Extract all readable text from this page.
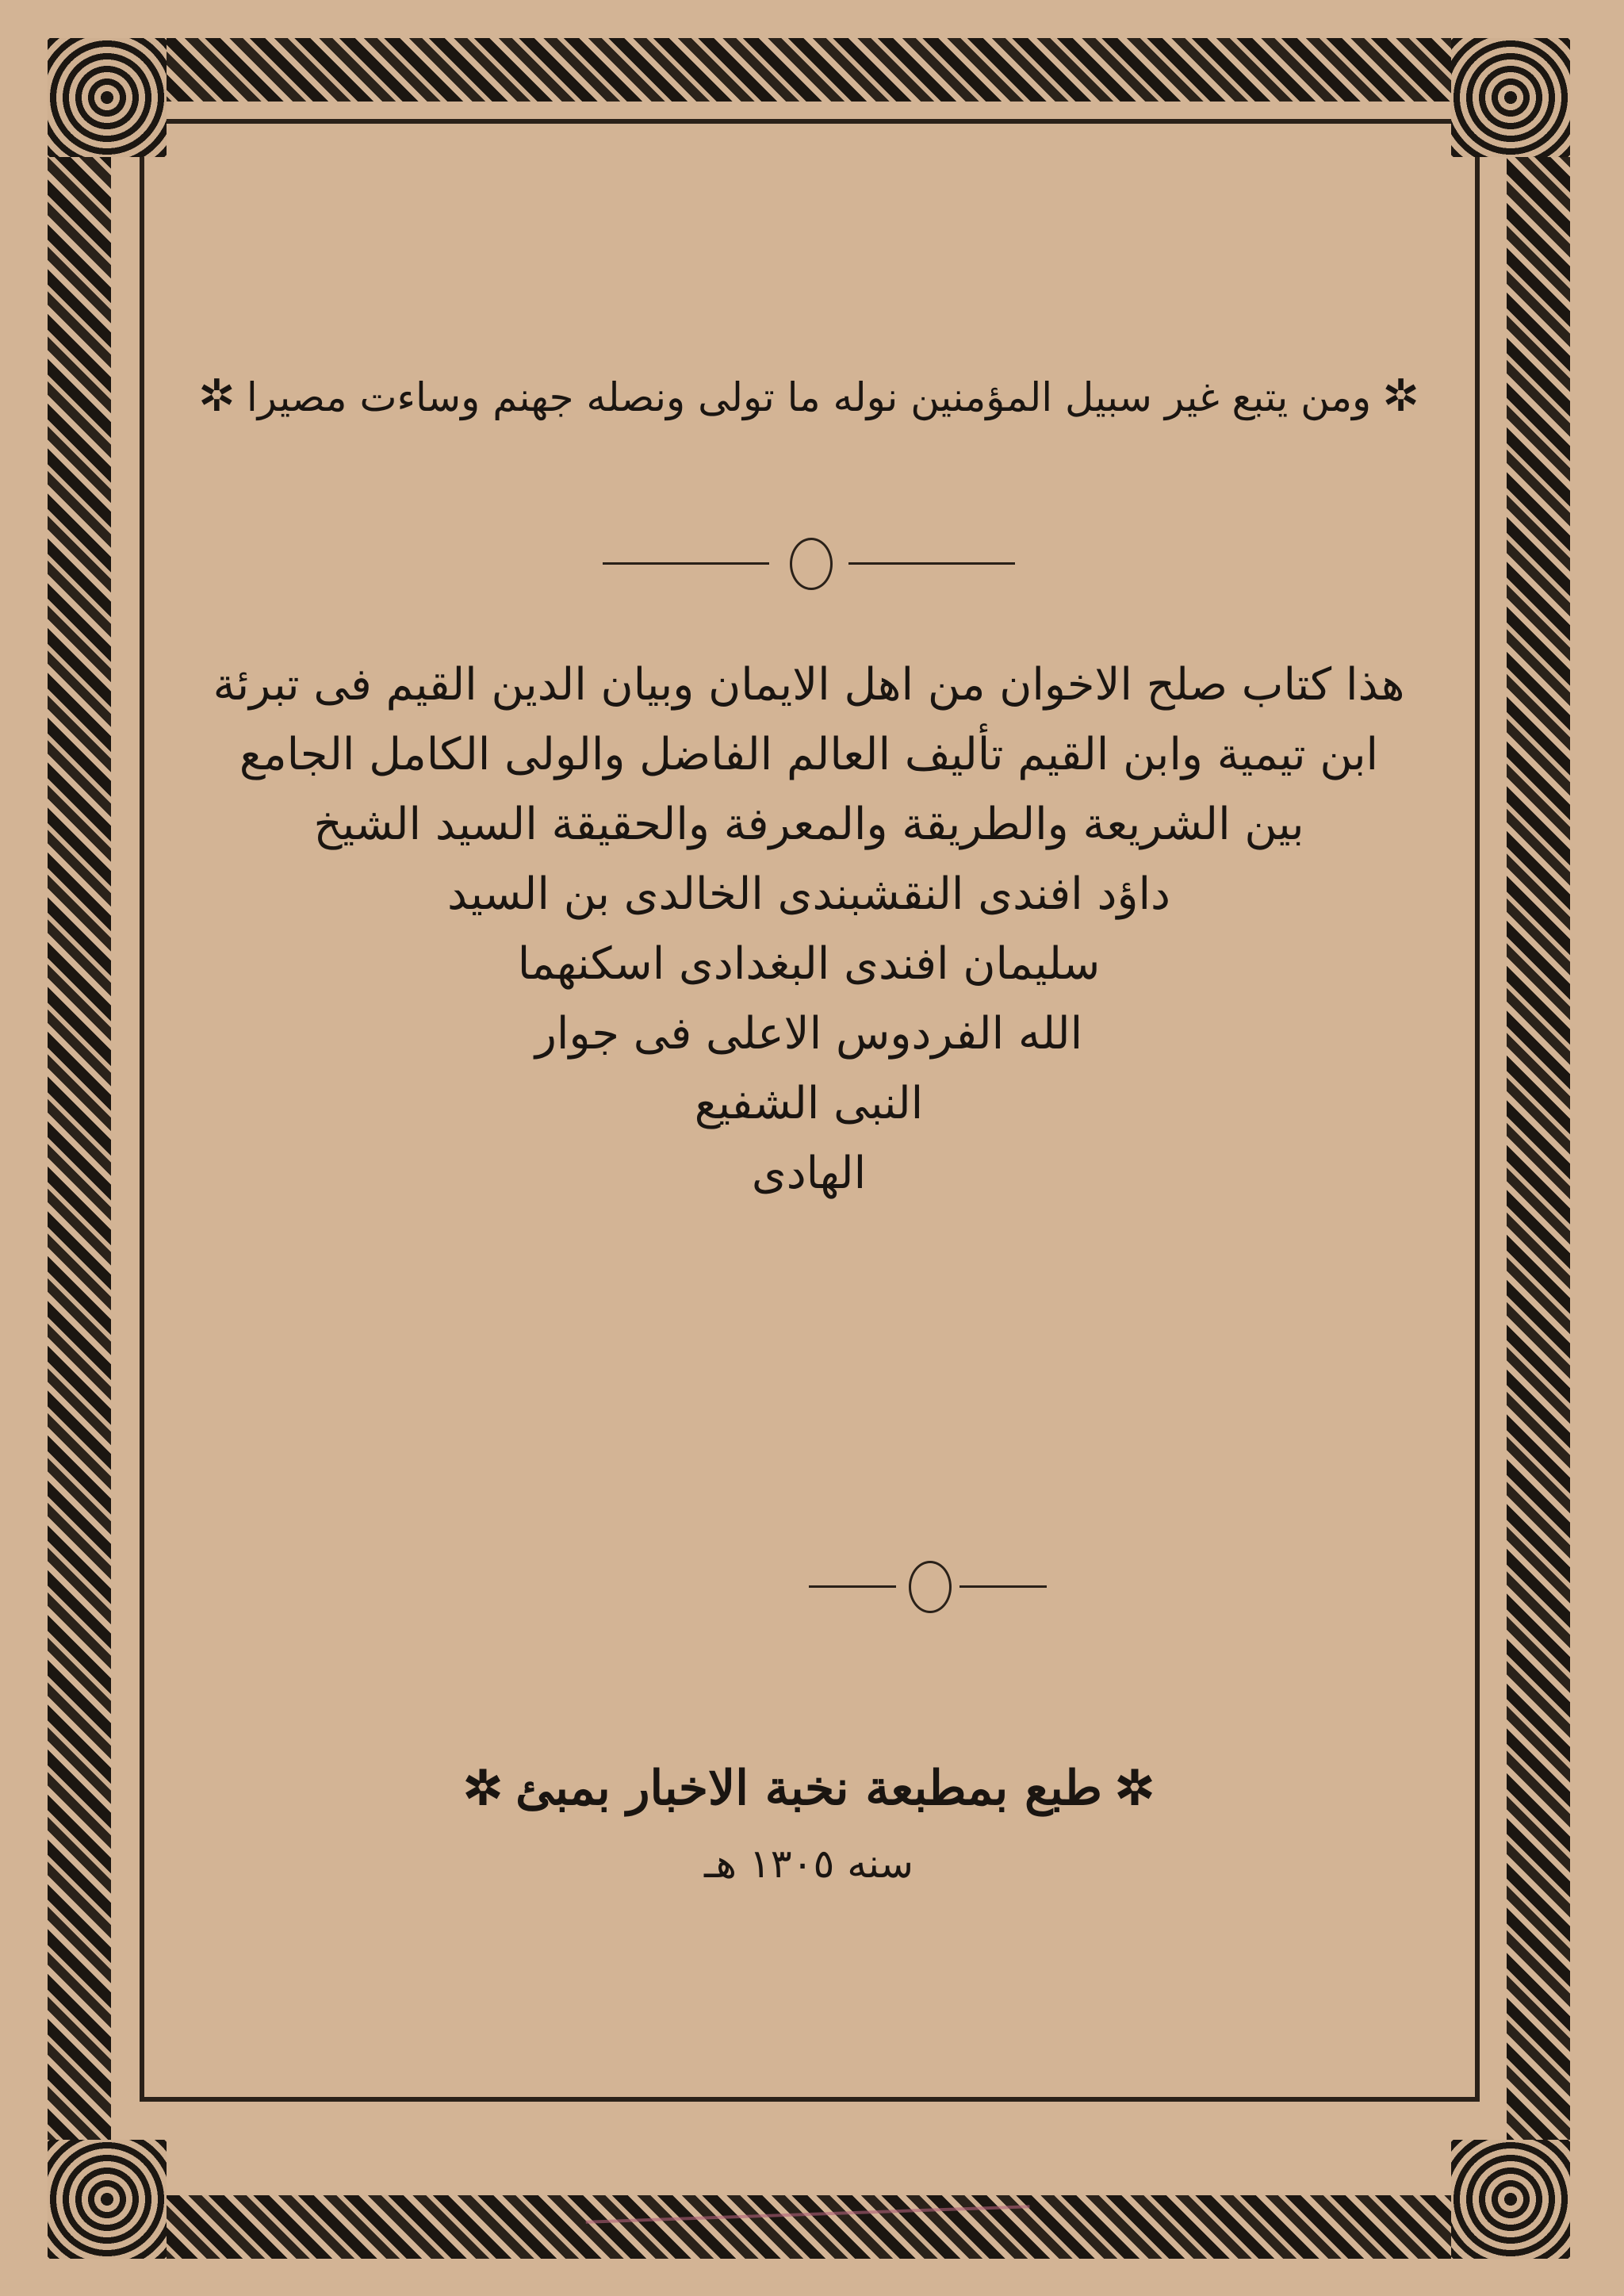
✲ومن يتبع غير سبيل المؤمنين نوله ما تولى ونصله جهنم وساءت مصيرا✲
هذا كتاب صلح الاخوان من اهل الايمان وبيان الدين القيم فى تبرئة
ابن تيمية وابن القيم تأليف العالم الفاضل والولى الكامل الجامع
بين الشريعة والطريقة والمعرفة والحقيقة السيد الشيخ
داؤد افندى النقشبندى الخالدى بن السيد
سليمان افندى البغدادى اسكنهما
الله الفردوس الاعلى فى جوار
النبى الشفيع
الهادى
✲طبع بمطبعة نخبة الاخبار بمبئ✲
سنه ١٣٠٥ هـ
